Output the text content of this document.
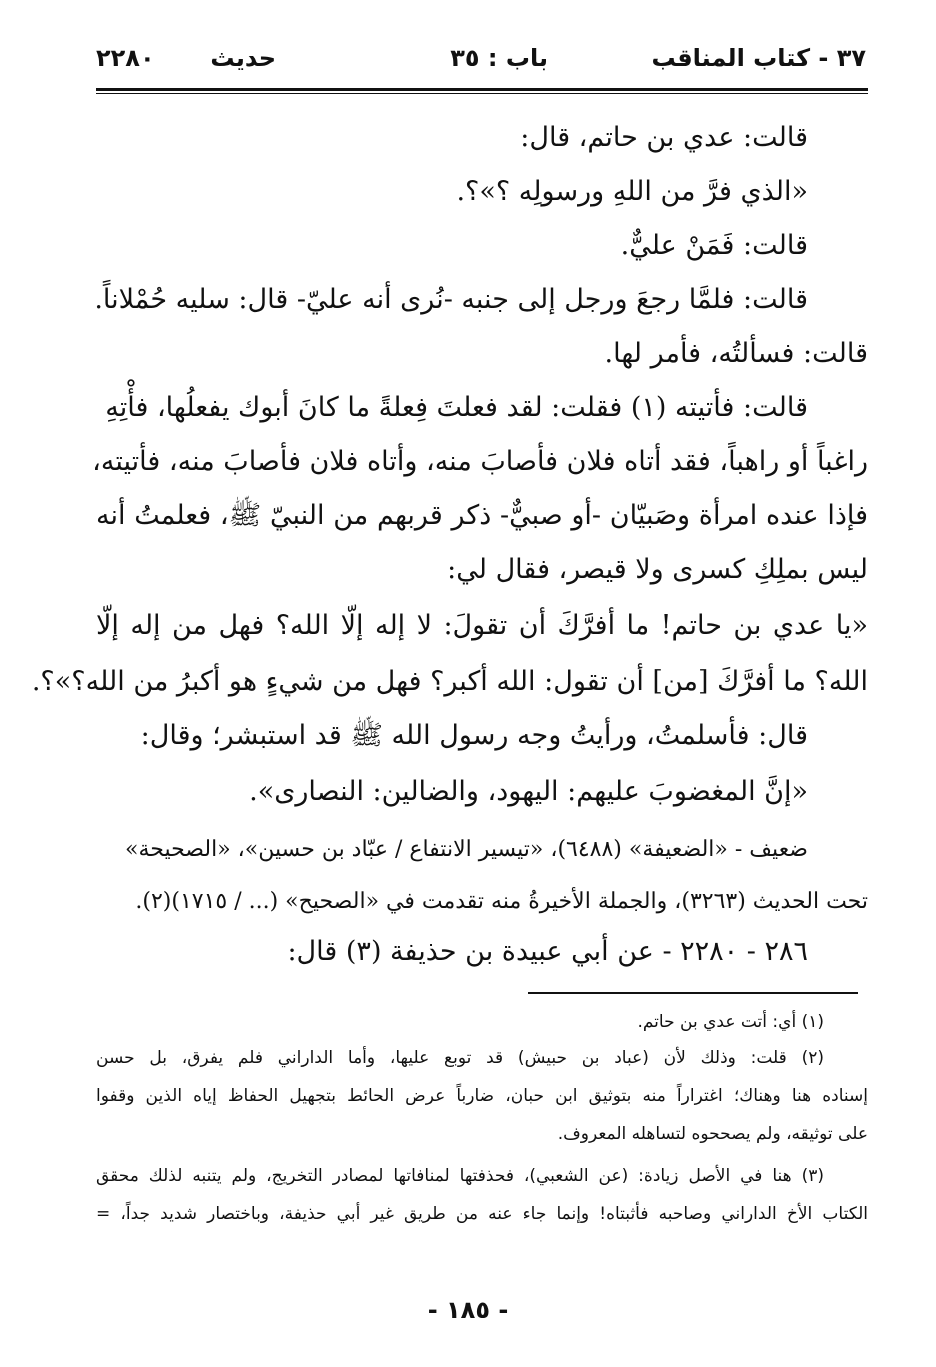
٣٧ - كتاب المناقب
باب : ٣٥
حديث
٢٢٨٠
قالت: عدي بن حاتم، قال:
«الذي فرَّ من اللهِ ورسولِه ؟»؟.
قالت: فَمَنْ عليٌّ.
قالت: فلمَّا رجعَ ورجل إلى جنبه -نُرى أنه عليّ- قال: سليه حُمْلاناً.
قالت: فسألتُه، فأمر لها.
قالت: فأتيته (١) فقلت: لقد فعلتَ فِعلةً ما كانَ أبوك يفعلُها، فأْتِهِ
راغباً أو راهباً، فقد أتاه فلان فأصابَ منه، وأتاه فلان فأصابَ منه، فأتيته،
فإذا عنده امرأة وصَبيّان -أو صبيٌّ- ذكر قربهم من النبيّ ﷺ، فعلمتُ أنه
ليس بملِكِ كسرى ولا قيصر، فقال لي:
«يا عدي بن حاتم! ما أفرَّكَ أن تقولَ: لا إله إلّا الله؟ فهل من إله إلّا
الله؟ ما أفرَّكَ [من] أن تقول: الله أكبر؟ فهل من شيءٍ هو أكبرُ من الله؟»؟.
قال: فأسلمتُ، ورأيتُ وجه رسول الله ﷺ قد استبشر؛ وقال:
«إنَّ المغضوبَ عليهم: اليهود، والضالين: النصارى».
ضعيف - «الضعيفة» (٦٤٨٨)، «تيسير الانتفاع / عبّاد بن حسين»، «الصحيحة»
تحت الحديث (٣٢٦٣)، والجملة الأخيرةُ منه تقدمت في «الصحيح» (... / ١٧١٥)(٢).
٢٨٦ - ٢٢٨٠ - عن أبي عبيدة بن حذيفة (٣) قال:
(١) أي: أتت عدي بن حاتم.
(٢) قلت: وذلك لأن (عباد بن حبيش) قد توبع عليها، وأما الداراني فلم يفرق، بل حسن
إسناده هنا وهناك؛ اغتراراً منه بتوثيق ابن حبان، ضارباً عرض الحائط بتجهيل الحفاظ إياه الذين وقفوا
على توثيقه، ولم يصححوه لتساهله المعروف.
(٣) هنا في الأصل زيادة: (عن الشعبي)، فحذفتها لمنافاتها لمصادر التخريج، ولم يتنبه لذلك محقق
الكتاب الأخ الداراني وصاحبه فأثبتاه! وإنما جاء عنه من طريق غير أبي حذيفة، وباختصار شديد جداً، =
- ١٨٥ -
